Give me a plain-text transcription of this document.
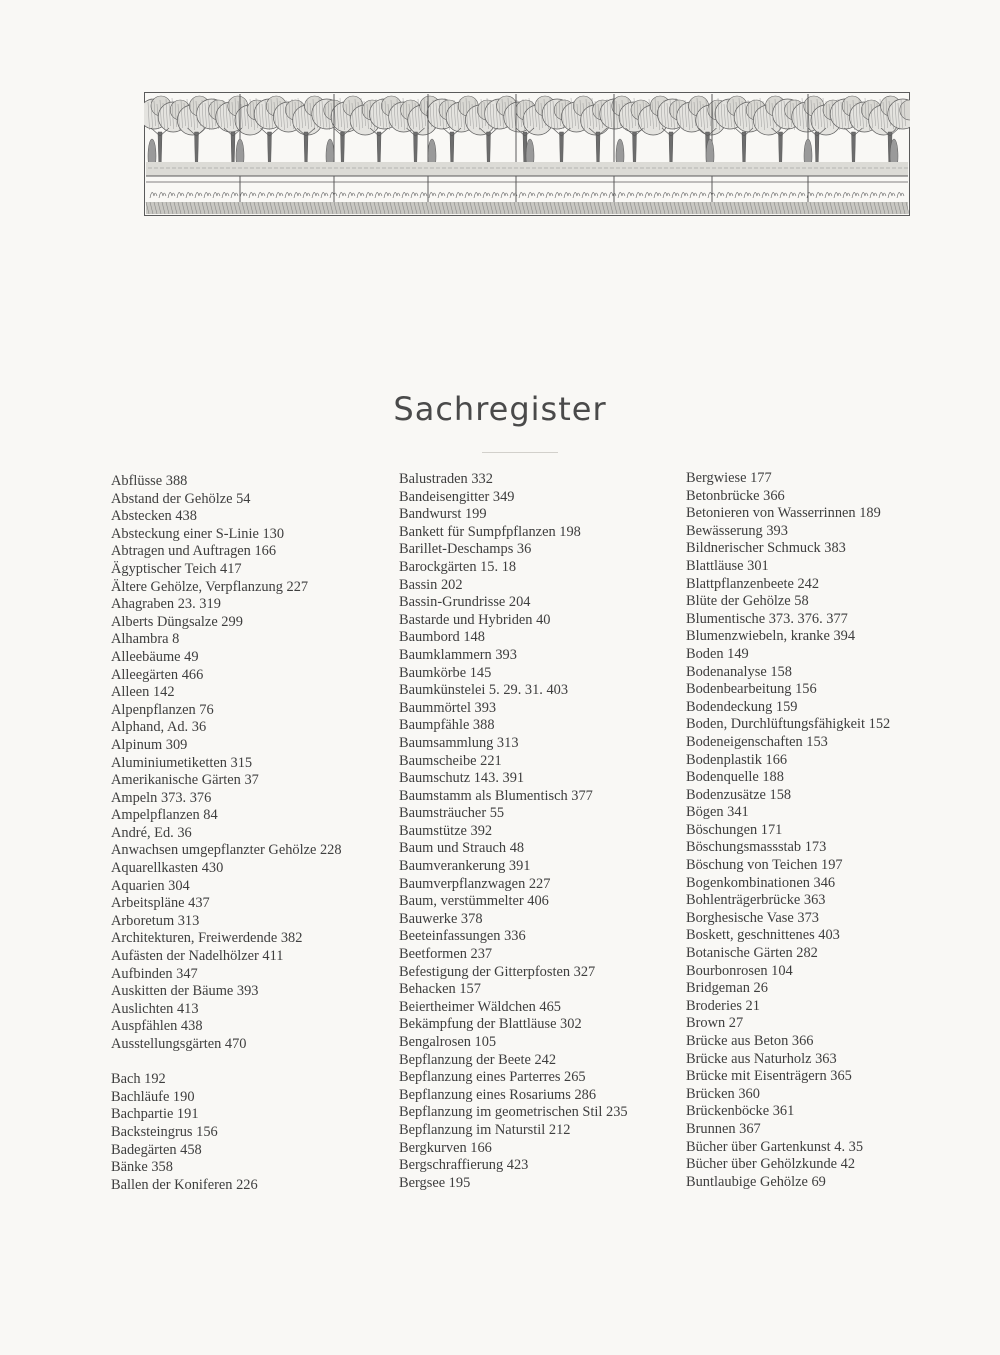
Sachregister
Abflüsse 388
Abstand der Gehölze 54
Abstecken 438
Absteckung einer S-Linie 130
Abtragen und Auftragen 166
Ägyptischer Teich 417
Ältere Gehölze, Verpflanzung 227
Ahagraben 23. 319
Alberts Düngsalze 299
Alhambra 8
Alleebäume 49
Alleegärten 466
Alleen 142
Alpenpflanzen 76
Alphand, Ad. 36
Alpinum 309
Aluminiumetiketten 315
Amerikanische Gärten 37
Ampeln 373. 376
Ampelpflanzen 84
André, Ed. 36
Anwachsen umgepflanzter Gehölze 228
Aquarellkasten 430
Aquarien 304
Arbeitspläne 437
Arboretum 313
Architekturen, Freiwerdende 382
Aufästen der Nadelhölzer 411
Aufbinden 347
Auskitten der Bäume 393
Auslichten 413
Auspfählen 438
Ausstellungsgärten 470
Bach 192
Bachläufe 190
Bachpartie 191
Backsteingrus 156
Badegärten 458
Bänke 358
Ballen der Koniferen 226
Balustraden 332
Bandeisengitter 349
Bandwurst 199
Bankett für Sumpfpflanzen 198
Barillet-Deschamps 36
Barockgärten 15. 18
Bassin 202
Bassin-Grundrisse 204
Bastarde und Hybriden 40
Baumbord 148
Baumklammern 393
Baumkörbe 145
Baumkünstelei 5. 29. 31. 403
Baummörtel 393
Baumpfähle 388
Baumsammlung 313
Baumscheibe 221
Baumschutz 143. 391
Baumstamm als Blumentisch 377
Baumsträucher 55
Baumstütze 392
Baum und Strauch 48
Baumverankerung 391
Baumverpflanzwagen 227
Baum, verstümmelter 406
Bauwerke 378
Beeteinfassungen 336
Beetformen 237
Befestigung der Gitterpfosten 327
Behacken 157
Beiertheimer Wäldchen 465
Bekämpfung der Blattläuse 302
Bengalrosen 105
Bepflanzung der Beete 242
Bepflanzung eines Parterres 265
Bepflanzung eines Rosariums 286
Bepflanzung im geometrischen Stil 235
Bepflanzung im Naturstil 212
Bergkurven 166
Bergschraffierung 423
Bergsee 195
Bergwiese 177
Betonbrücke 366
Betonieren von Wasserrinnen 189
Bewässerung 393
Bildnerischer Schmuck 383
Blattläuse 301
Blattpflanzenbeete 242
Blüte der Gehölze 58
Blumentische 373. 376. 377
Blumenzwiebeln, kranke 394
Boden 149
Bodenanalyse 158
Bodenbearbeitung 156
Bodendeckung 159
Boden, Durchlüftungsfähigkeit 152
Bodeneigenschaften 153
Bodenplastik 166
Bodenquelle 188
Bodenzusätze 158
Bögen 341
Böschungen 171
Böschungsmassstab 173
Böschung von Teichen 197
Bogenkombinationen 346
Bohlenträgerbrücke 363
Borghesische Vase 373
Boskett, geschnittenes 403
Botanische Gärten 282
Bourbonrosen 104
Bridgeman 26
Broderies 21
Brown 27
Brücke aus Beton 366
Brücke aus Naturholz 363
Brücke mit Eisenträgern 365
Brücken 360
Brückenböcke 361
Brunnen 367
Bücher über Gartenkunst 4. 35
Bücher über Gehölzkunde 42
Buntlaubige Gehölze 69
